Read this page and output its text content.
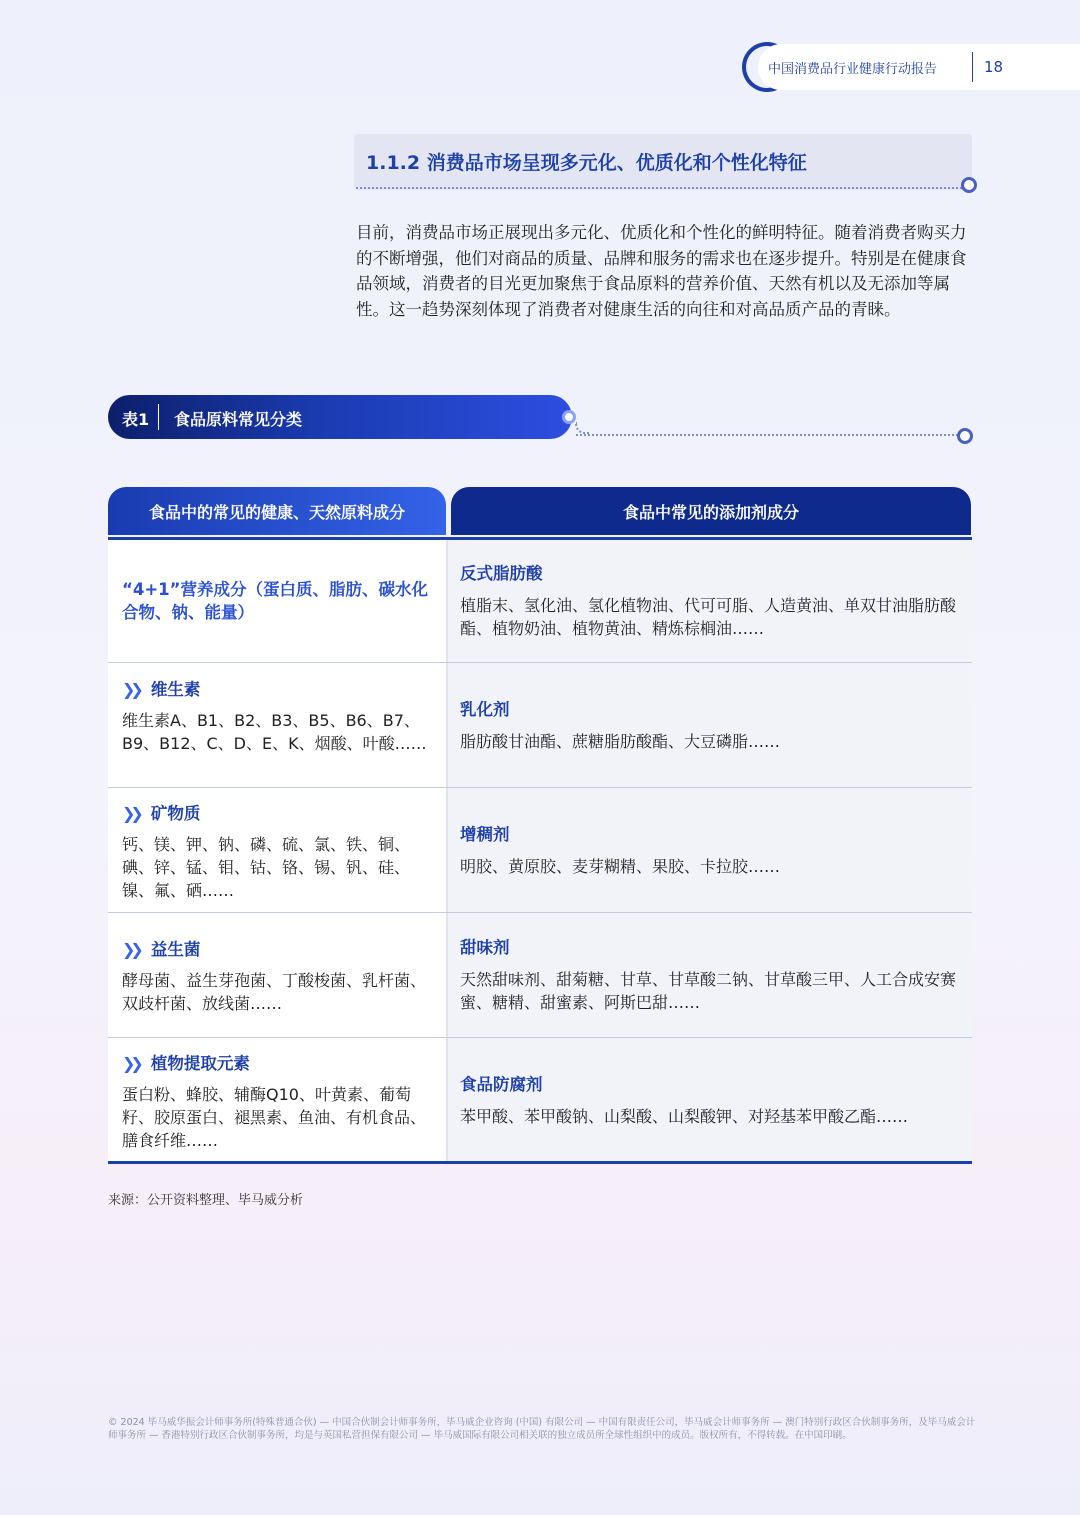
中国消费品行业健康行动报告	18
1.1.2 消费品市场呈现多元化、优质化和个性化特征
目前，消费品市场正展现出多元化、优质化和个性化的鲜明特征。随着消费者购买力的不断增强，他们对商品的质量、品牌和服务的需求也在逐步提升。特别是在健康食品领域，消费者的目光更加聚焦于食品原料的营养价值、天然有机以及无添加等属性。这一趋势深刻体现了消费者对健康生活的向往和对高品质产品的青睐。
表1 食品原料常见分类
食品中的常见的健康、天然原料成分	食品中常见的添加剂成分
“4+1”营养成分（蛋白质、脂肪、碳水化合物、钠、能量）
❯❯ 维生素
维生素A、B1、B2、B3、B5、B6、B7、B9、B12、C、D、E、K、烟酸、叶酸……
❯❯ 矿物质
钙、镁、钾、钠、磷、硫、氯、铁、铜、碘、锌、锰、钼、钴、铬、锡、钒、硅、镍、氟、硒……
❯❯ 益生菌
酵母菌、益生芽孢菌、丁酸梭菌、乳杆菌、双歧杆菌、放线菌……
❯❯ 植物提取元素
蛋白粉、蜂胶、辅酶Q10、叶黄素、葡萄籽、胶原蛋白、褪黑素、鱼油、有机食品、膳食纤维……
反式脂肪酸
植脂末、氢化油、氢化植物油、代可可脂、人造黄油、单双甘油脂肪酸酯、植物奶油、植物黄油、精炼棕榈油……
乳化剂
脂肪酸甘油酯、蔗糖脂肪酸酯、大豆磷脂……
增稠剂
明胶、黄原胶、麦芽糊精、果胶、卡拉胶……
甜味剂
天然甜味剂、甜菊糖、甘草、甘草酸二钠、甘草酸三甲、人工合成安赛蜜、糖精、甜蜜素、阿斯巴甜……
食品防腐剂
苯甲酸、苯甲酸钠、山梨酸、山梨酸钾、对羟基苯甲酸乙酯……
来源：公开资料整理、毕马威分析
© 2024 毕马威华振会计师事务所(特殊普通合伙) — 中国合伙制会计师事务所，毕马威企业咨询 (中国) 有限公司 — 中国有限责任公司，毕马威会计师事务所 — 澳门特别行政区合伙制事务所，及毕马威会计师事务所 — 香港特别行政区合伙制事务所，均是与英国私营担保有限公司 — 毕马威国际有限公司相关联的独立成员所全球性组织中的成员。版权所有，不得转载。在中国印刷。
